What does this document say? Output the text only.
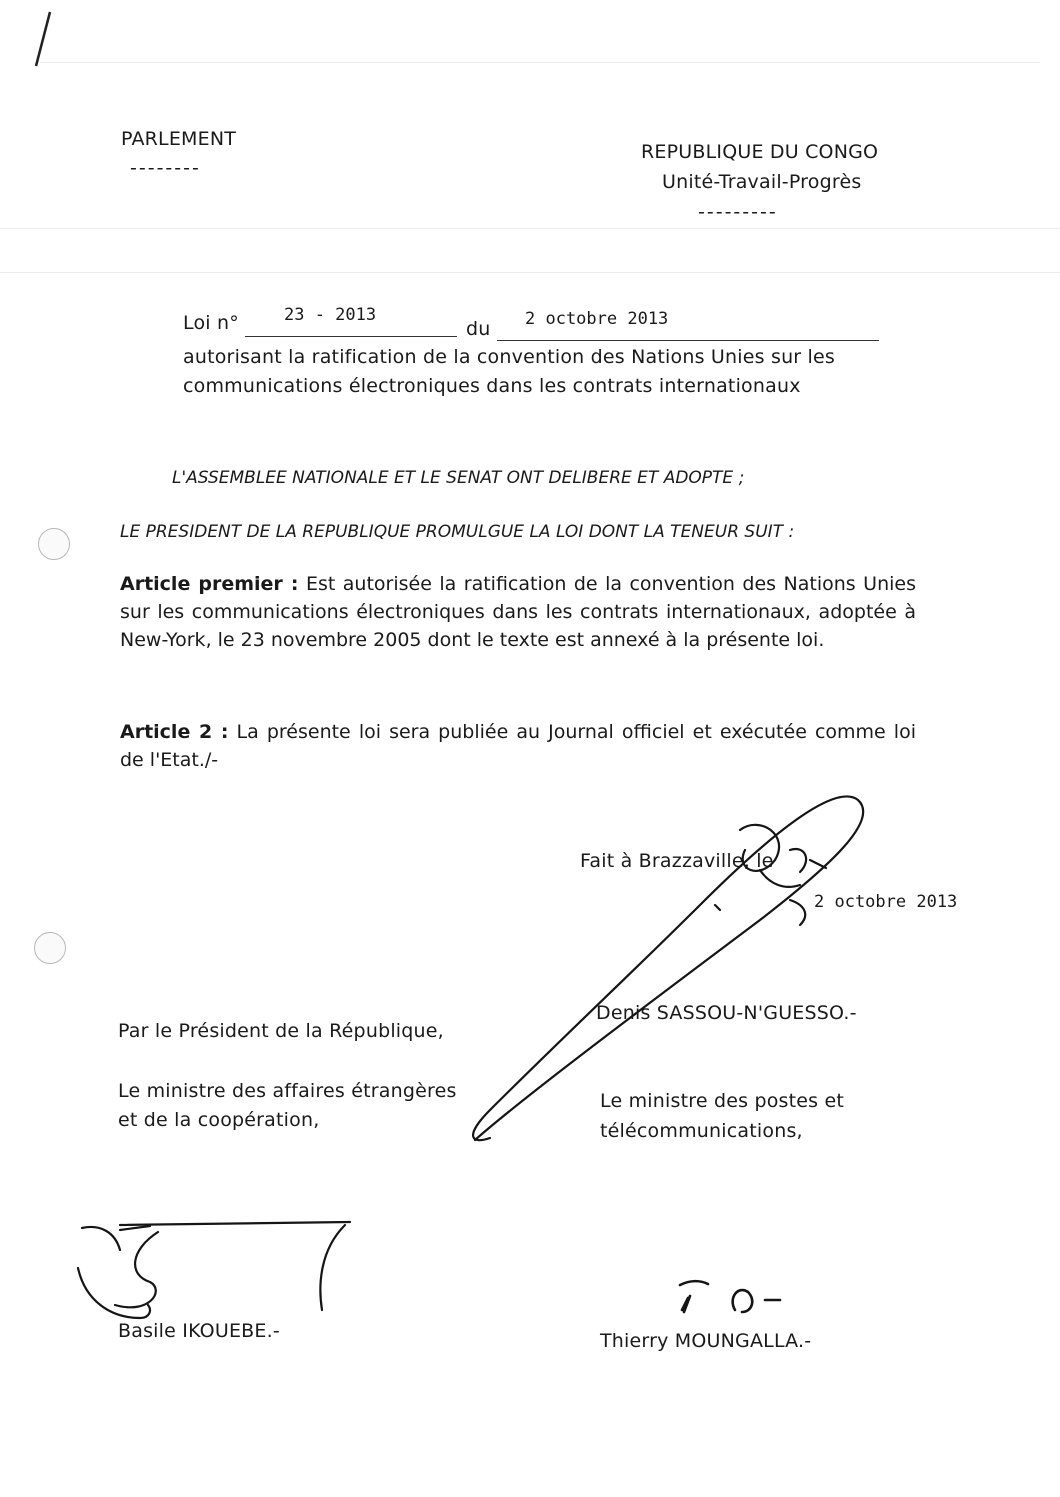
PARLEMENT
--------
REPUBLIQUE DU CONGO
Unité-Travail-Progrès
---------
Loi n°	23 - 2013
du 2 octobre 2013
autorisant la ratification de la convention des Nations Unies sur les
communications électroniques dans les contrats internationaux
L'ASSEMBLEE NATIONALE ET LE SENAT ONT DELIBERE ET ADOPTE ;
LE PRESIDENT DE LA REPUBLIQUE PROMULGUE LA LOI DONT LA TENEUR SUIT :
Article premier : Est autorisée la ratification de la convention des Nations Unies sur les communications électroniques dans les contrats internationaux, adoptée à New-York, le 23 novembre 2005 dont le texte est annexé à la présente loi.
Article 2 : La présente loi sera publiée au Journal officiel et exécutée comme loi de l'Etat./-
Fait à Brazzaville, le
2 octobre 2013
Denis SASSOU-N'GUESSO.-
Par le Président de la République,
Le ministre des affaires étrangères
et de la coopération,
Le ministre des postes et
télécommunications,
Basile IKOUEBE.-	Thierry MOUNGALLA.-
